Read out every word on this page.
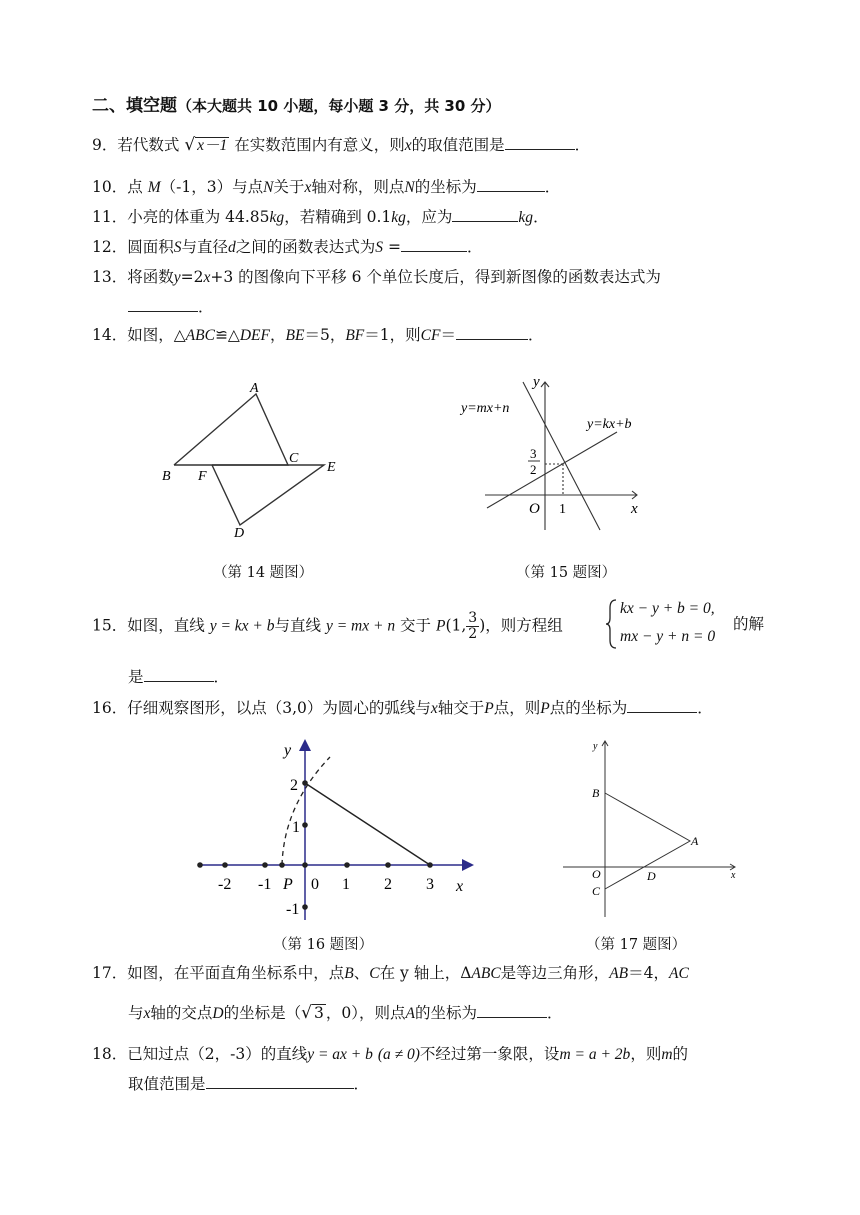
二、填空题（本大题共 10 小题，每小题 3 分，共 30 分）
9．若代数式 √ x－1 在实数范围内有意义，则x的取值范围是	．
10．点 M（-1，3）与点N关于x轴对称，则点N的坐标为	．
11．小亮的体重为 44.85kg，若精确到 0.1kg，应为	kg．
12．圆面积S与直径d之间的函数表达式为S =	．
13．将函数y=2x+3 的图像向下平移 6 个单位长度后，得到新图像的函数表达式为
．
14．如图，△ABC≌△DEF，BE＝5，BF＝1，则CF＝	．
A
B F
C
E
D
（第 14 题图）
y
x
O 1
y=mx+n
y=kx+b
3
2
（第 15 题图）
15．如图，直线 y = kx + b与直线 y = mx + n 交于 P(1, $\frac{3}{2}$ )，则方程组
kx − y + b = 0,
mx − y + n = 0
的解
是	．
16．仔细观察图形，以点（3,0）为圆心的弧线与x轴交于P点，则P点的坐标为	．
y
x
-2 -1 P 0 1 2 3
2
1
-1
（第 16 题图）
y
x
B
A
O	D
C
（第 17 题图）
17．如图，在平面直角坐标系中，点B、C在 y 轴上，ΔABC是等边三角形，AB＝4，AC
与x轴的交点D的坐标是（√ 3 ，0），则点A的坐标为	．
18．已知过点（2，-3）的直线y = ax + b (a ≠ 0)不经过第一象限，设m = a + 2b，则m的
取值范围是	．
